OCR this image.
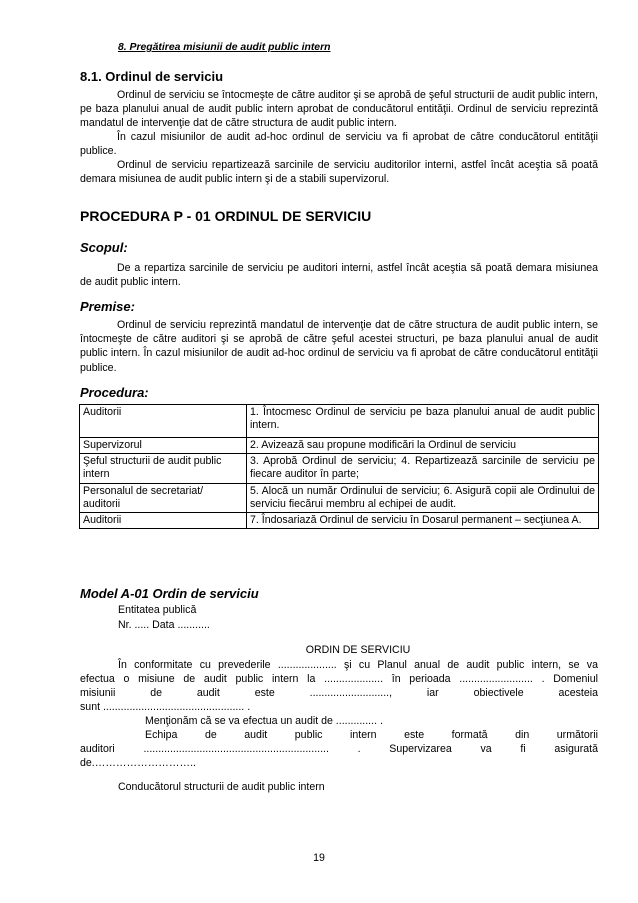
8. Pregătirea misiunii de audit public intern
8.1. Ordinul de serviciu

Ordinul de serviciu se întocmeşte de către auditor şi se aprobă de şeful structurii de audit public intern, pe baza planului anual de audit public intern aprobat de conducătorul entităţii. Ordinul de serviciu reprezintă mandatul de intervenţie dat de către structura de audit public intern.

În cazul misiunilor de audit ad-hoc ordinul de serviciu va fi aprobat de către conducătorul entităţii publice.

Ordinul de serviciu repartizează sarcinile de serviciu auditorilor interni, astfel încât aceştia să poată demara misiunea de audit public intern şi de a stabili supervizorul.

PROCEDURA P - 01 ORDINUL DE SERVICIU
Scopul:

De a repartiza sarcinile de serviciu pe auditori interni, astfel încât aceştia să poată demara misiunea de audit public intern.

Premise:

Ordinul de serviciu reprezintă mandatul de intervenţie dat de către structura de audit public intern, se întocmeşte de către auditori şi se aprobă de către şeful acestei structuri, pe baza planului anual de audit public intern. În cazul misiunilor de audit ad-hoc ordinul de serviciu va fi aprobat de către conducătorul entităţii publice.

Procedura:
Auditorii	1. Întocmesc Ordinul de serviciu pe baza planului anual de audit public intern.
Supervizorul	2. Avizează sau propune modificări la Ordinul de serviciu
Şeful structurii de audit public intern	3. Aprobă Ordinul de serviciu; 4. Repartizează sarcinile de serviciu pe fiecare auditor în parte;
Personalul de secretariat/ auditorii	5. Alocă un număr Ordinului de serviciu; 6. Asigură copii ale Ordinului de serviciu fiecărui membru al echipei de audit.
Auditorii	7. Îndosariază Ordinul de serviciu în Dosarul permanent – secţiunea A.
Model A-01 Ordin de serviciu
Entitatea publică
Nr. ..... Data ...........
ORDIN DE SERVICIU
În conformitate cu prevederile .................... şi cu Planul anual de audit public intern, se va
efectua o misiune de audit public intern la .................... în perioada ......................... . Domeniul
misiunii de audit este ..........................., iar obiectivele acesteia
sunt ................................................ .
Menţionăm că se va efectua un audit de .............. .
Echipa de audit public intern este formată din următorii
auditori ............................................................... . Supervizarea va fi asigurată
de.………………………..
Conducătorul structurii de audit public intern
19
